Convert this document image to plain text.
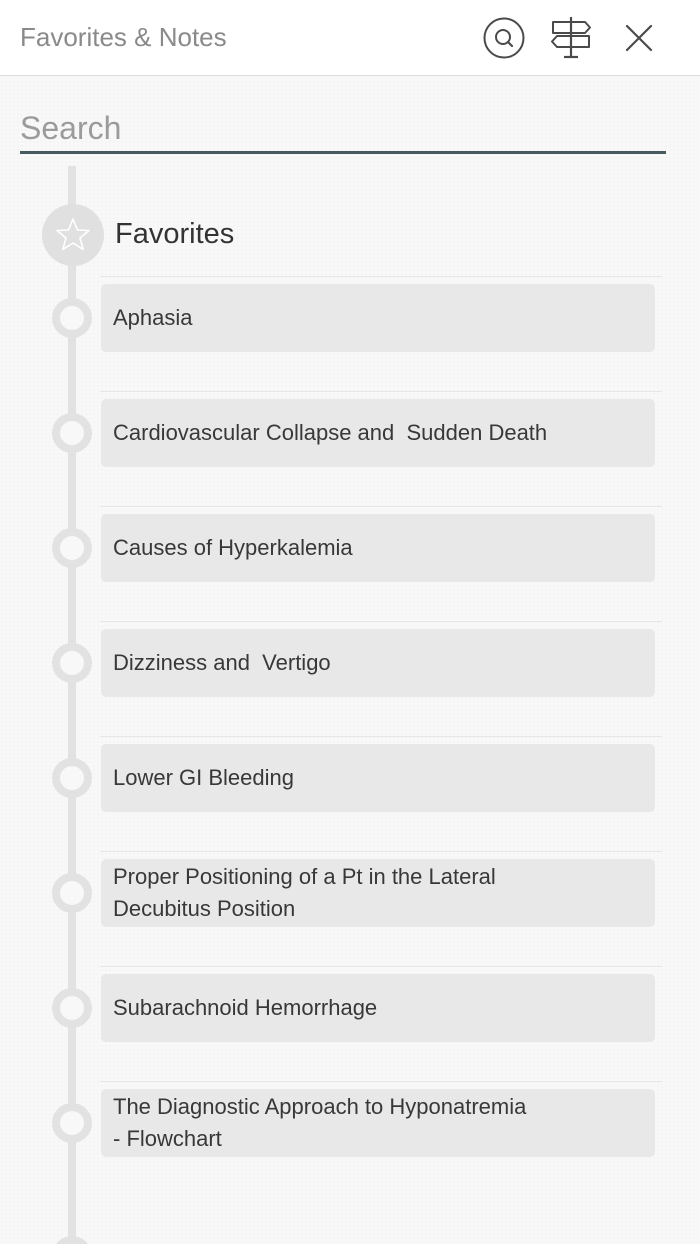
Favorites & Notes
Search
Favorites
Aphasia
Cardiovascular Collapse and  Sudden Death
Causes of Hyperkalemia
Dizziness and  Vertigo
Lower GI Bleeding
Proper Positioning of a Pt in the Lateral
Decubitus Position
Subarachnoid Hemorrhage
The Diagnostic Approach to Hyponatremia
- Flowchart
